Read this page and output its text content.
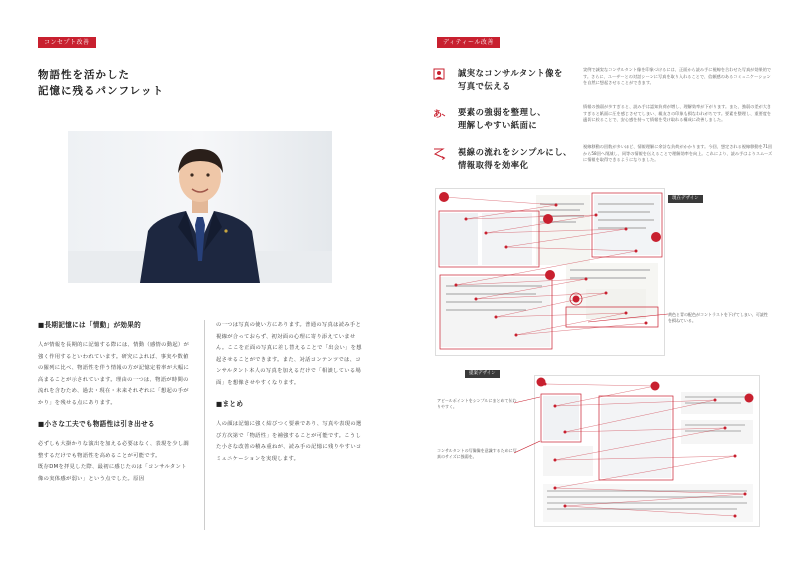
コンセプト改善
物語性を活かした
記憶に残るパンフレット
■長期記憶には「情動」が効果的

人が情報を長期的に記憶する際には、情動（感情の動起）が強く作用するといわれています。研究によれば、事実や数値の羅列に比べ、物語性を伴う情報の方が記憶定着率が大幅に高まることが示されています。理由の一つは、物語が時間の流れを含むため、過去・現在・未来それぞれに「想起の手がかり」を残せる点にあります。

■小さな工夫でも物語性は引き出せる

必ずしも大掛かりな演出を加える必要はなく、表現を少し調整するだけでも物語性を高めることが可能です。

既存DMを拝見した際、最初に感じたのは「コンサルタント像の実体感が弱い」という点でした。原因

の一つは写真の使い方にあります。普通の写真は読み手と視線が合っておらず、初対面の心理に寄り添えていません。ここを正面の写真に差し替えることで「出会い」を想起させることができます。また、対話コンテンツでは、コンサルタント本人の写真を加えるだけで「相談している場面」を想像させやすくなります。

■まとめ

人の顔は記憶に強く結びつく要素であり、写真や表現の選び方次第で「物語性」を補強することが可能です。こうした小さな改善の積み重ねが、読み手の記憶に残りやすいコミュニケーションを実現します。

ディティール改善
誠実なコンサルタント像を
写真で伝える
実例で誠実なコンサルタント像を印象づけるには、正面から読み手に視線を合わせた写真が効果的です。さらに、ユーザーとの対話シーンに写真を取り入れることで、信頼感のあるコミュニケーションを自然に想起させることができます。
あ 要素の強弱を整理し、
理解しやすい紙面に
情報の強弱が多すぎると、読み手は認知負荷が増し、理解効率が下がります。また、強弱の差が大きすぎると紙面に圧を感じさせてしまい、親友さの印象も損なわれがちです。要素を整理し、重要度を適切に絞ることで、安心感を持って情報を受け取れる構成に改善しました。
視線の流れをシンプルにし、
情報取得を効率化
視線移動の回数が多いほど、情報理解に余計な負荷がかかります。今回、想定される視線移動を71回から58回へ削減し、同等の情報を伝えることで理解効率を向上。これにより、読み手はよりスムーズに情報を取得できるようになりました。
現在デザイン
黄色と青の配色がコントラストを下げてしまい、可読性を損ねている。
提案デザイン
アピールポイントをシンプルにまとめて伝わりやすく。
コンサルタントの写像像を意識するために写真のサイズに強弱を。
